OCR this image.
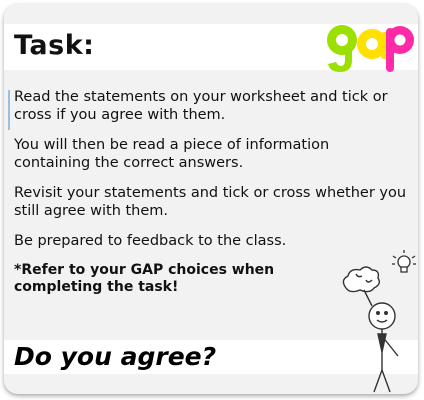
Task:

Read the statements on your worksheet and tick or cross if you agree with them.

You will then be read a piece of information containing the correct answers.

Revisit your statements and tick or cross whether you still agree with them.

Be prepared to feedback to the class.

*Refer to your GAP choices when completing the task!

Do you agree?
